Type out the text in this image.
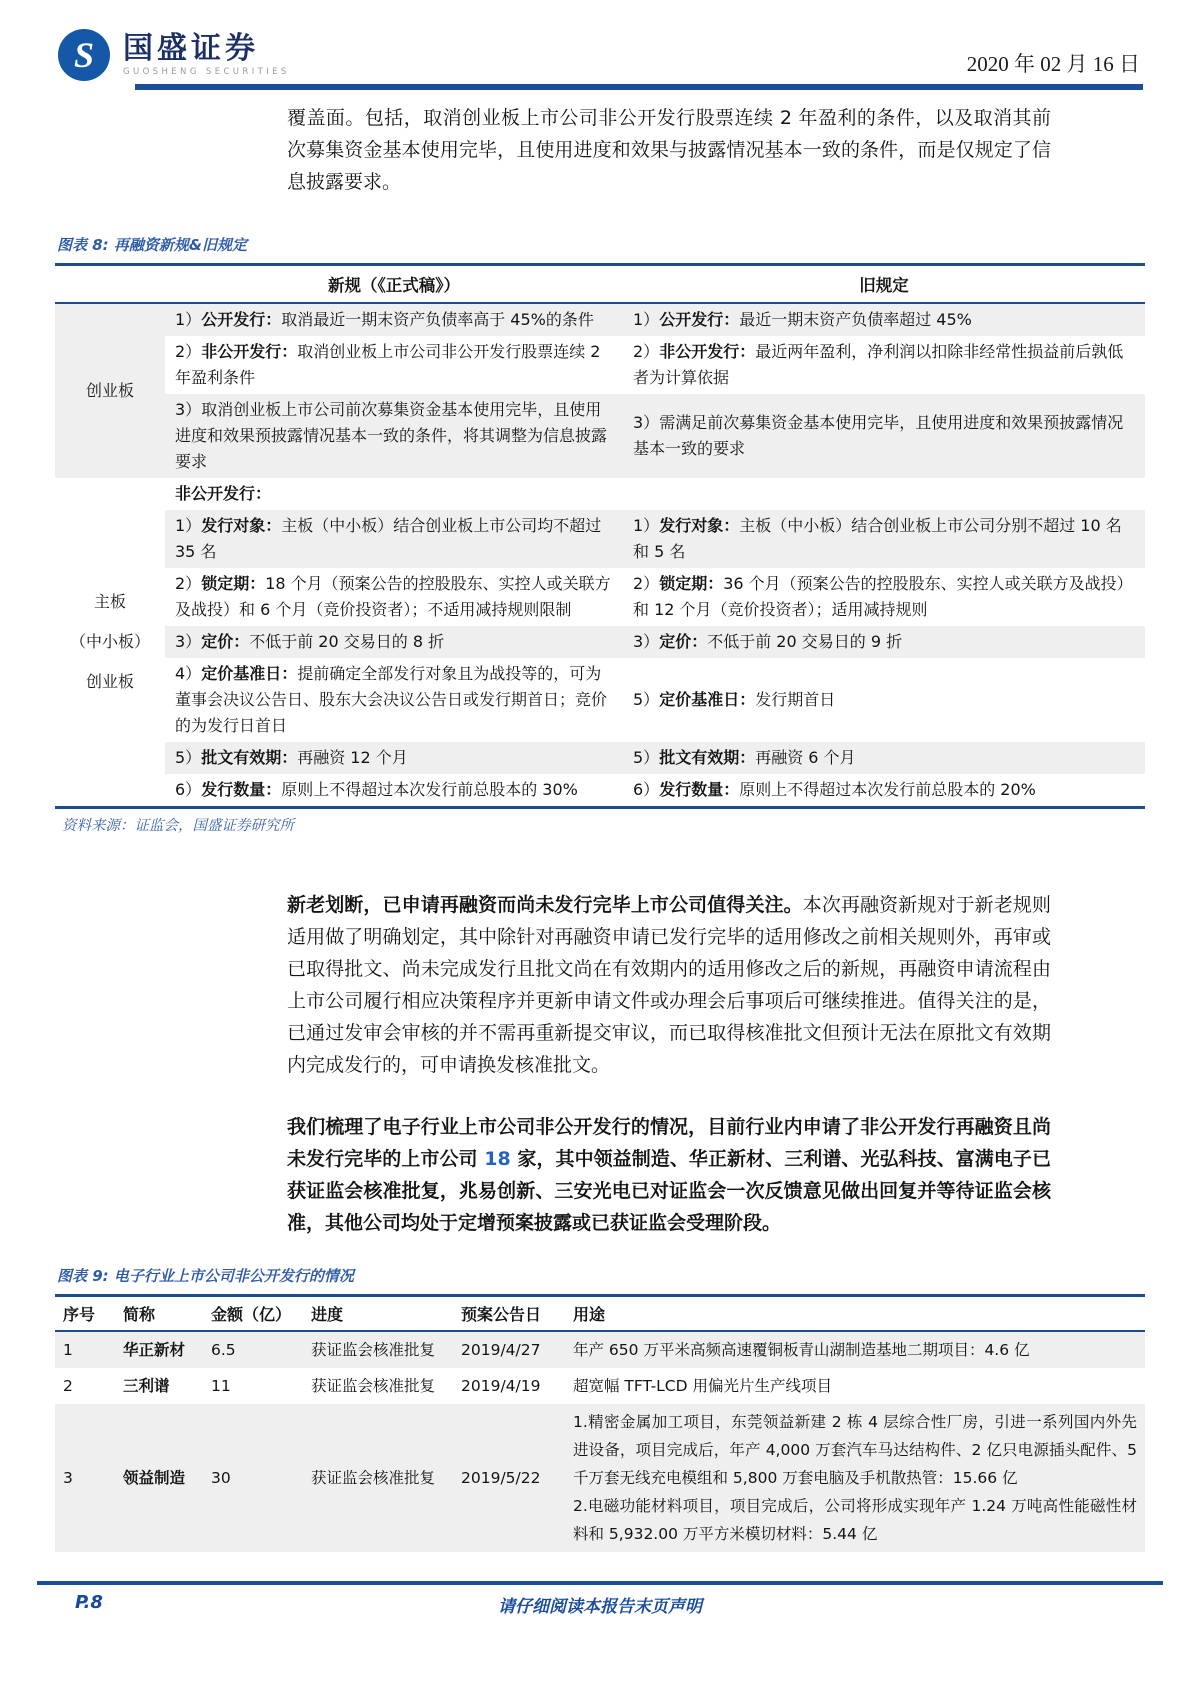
S 国盛证券
GUOSHENG SECURITIES	2020 年 02 月 16 日
覆盖面。包括，取消创业板上市公司非公开发行股票连续 2 年盈利的条件，以及取消其前次募集资金基本使用完毕，且使用进度和效果与披露情况基本一致的条件，而是仅规定了信息披露要求。
图表 8: 再融资新规&旧规定
	新规（《正式稿》）	旧规定

创业板	1）公开发行：取消最近一期末资产负债率高于 45%的条件	1）公开发行：最近一期末资产负债率超过 45%
	2）非公开发行：取消创业板上市公司非公开发行股票连续 2 年盈利条件	2）非公开发行：最近两年盈利，净利润以扣除非经常性损益前后孰低者为计算依据
	3）取消创业板上市公司前次募集资金基本使用完毕，且使用进度和效果预披露情况基本一致的条件，将其调整为信息披露要求	3）需满足前次募集资金基本使用完毕，且使用进度和效果预披露情况基本一致的要求

主板
（中小板）
创业板	非公开发行：	
	1）发行对象：主板（中小板）结合创业板上市公司均不超过 35 名	1）发行对象：主板（中小板）结合创业板上市公司分别不超过 10 名和 5 名
	2）锁定期：18 个月（预案公告的控股股东、实控人或关联方及战投）和 6 个月（竞价投资者）；不适用减持规则限制	2）锁定期：36 个月（预案公告的控股股东、实控人或关联方及战投）和 12 个月（竞价投资者）；适用减持规则
	3）定价：不低于前 20 交易日的 8 折	3）定价：不低于前 20 交易日的 9 折
	4）定价基准日：提前确定全部发行对象且为战投等的，可为董事会决议公告日、股东大会决议公告日或发行期首日；竞价的为发行日首日	5）定价基准日：发行期首日
	5）批文有效期：再融资 12 个月	5）批文有效期：再融资 6 个月
	6）发行数量：原则上不得超过本次发行前总股本的 30%	6）发行数量：原则上不得超过本次发行前总股本的 20%
资料来源：证监会，国盛证券研究所
新老划断，已申请再融资而尚未发行完毕上市公司值得关注。本次再融资新规对于新老规则适用做了明确划定，其中除针对再融资申请已发行完毕的适用修改之前相关规则外，再审或已取得批文、尚未完成发行且批文尚在有效期内的适用修改之后的新规，再融资申请流程由上市公司履行相应决策程序并更新申请文件或办理会后事项后可继续推进。值得关注的是，已通过发审会审核的并不需再重新提交审议，而已取得核准批文但预计无法在原批文有效期内完成发行的，可申请换发核准批文。
我们梳理了电子行业上市公司非公开发行的情况，目前行业内申请了非公开发行再融资且尚未发行完毕的上市公司 18 家，其中领益制造、华正新材、三利谱、光弘科技、富满电子已获证监会核准批复，兆易创新、三安光电已对证监会一次反馈意见做出回复并等待证监会核准，其他公司均处于定增预案披露或已获证监会受理阶段。
图表 9: 电子行业上市公司非公开发行的情况
序号	简称	金额（亿）	进度	预案公告日	用途
1	华正新材	6.5	获证监会核准批复	2019/4/27	年产 650 万平米高频高速覆铜板青山湖制造基地二期项目：4.6 亿

2	三利谱	11	获证监会核准批复	2019/4/19	超宽幅 TFT-LCD 用偏光片生产线项目

3	领益制造	30	获证监会核准批复	2019/5/22	1.精密金属加工项目，东莞领益新建 2 栋 4 层综合性厂房，引进一系列国内外先进设备，项目完成后，年产 4,000 万套汽车马达结构件、2 亿只电源插头配件、5 千万套无线充电模组和 5,800 万套电脑及手机散热管：15.66 亿
2.电磁功能材料项目，项目完成后，公司将形成实现年产 1.24 万吨高性能磁性材料和 5,932.00 万平方米模切材料：5.44 亿
P.8	请仔细阅读本报告末页声明
